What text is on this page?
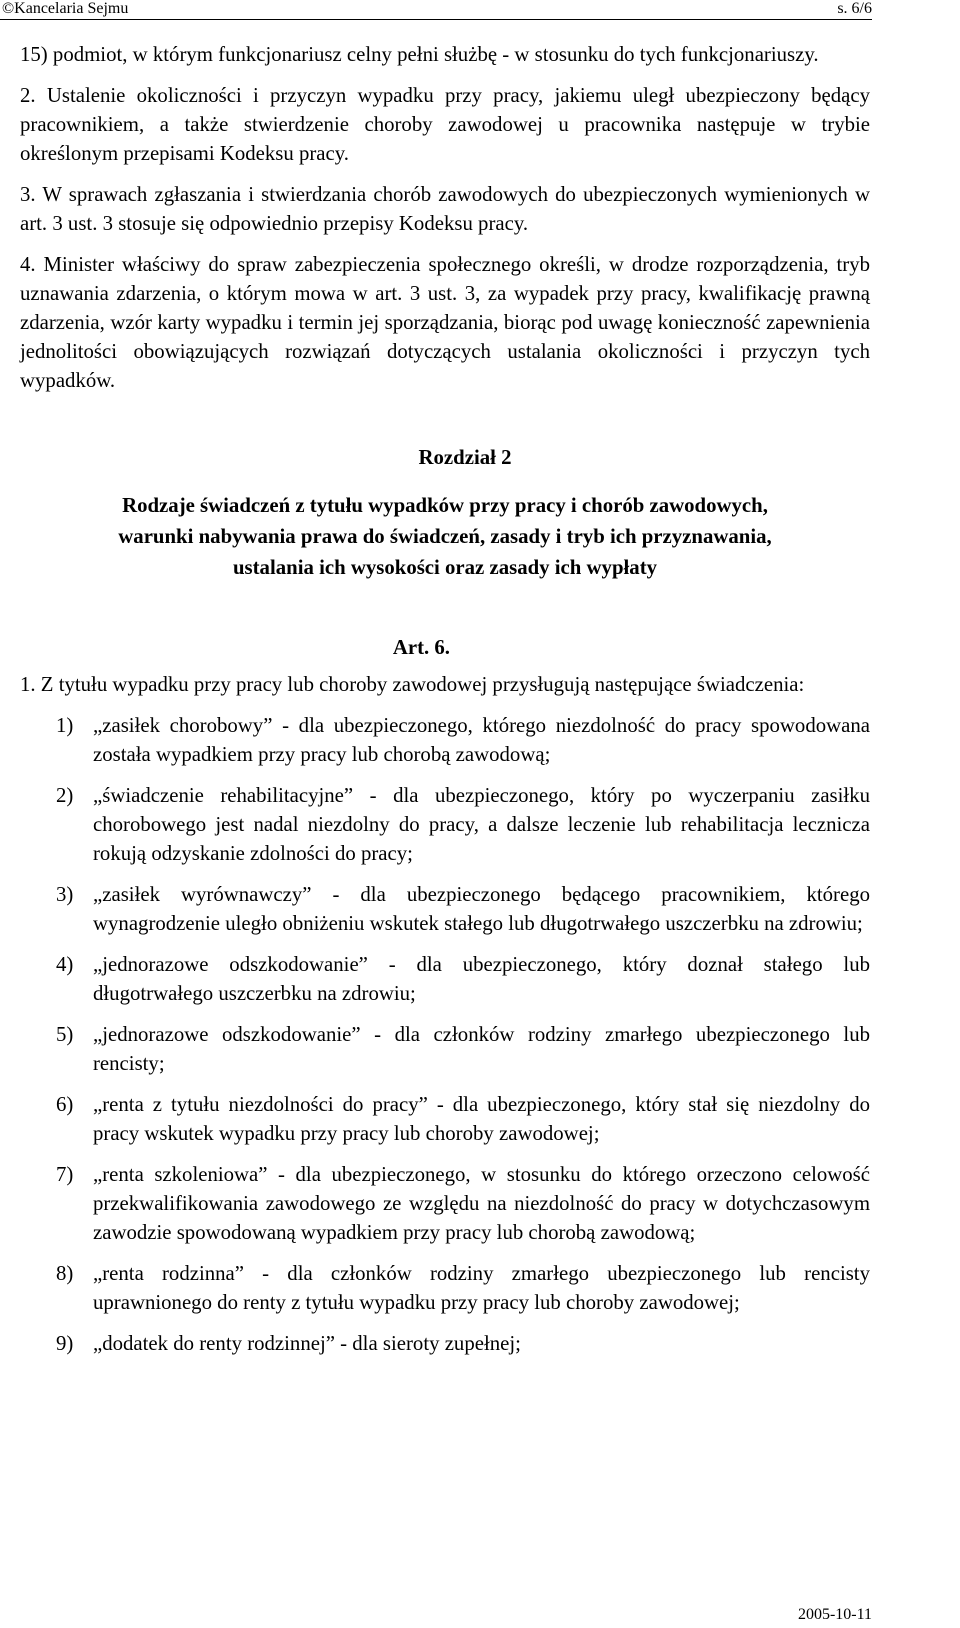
©Kancelaria Sejmu	s. 6/6

15) podmiot, w którym funkcjonariusz celny pełni służbę - w stosunku do tych funkcjonariuszy.

2. Ustalenie okoliczności i przyczyn wypadku przy pracy, jakiemu uległ ubezpieczony będący pracownikiem, a także stwierdzenie choroby zawodowej u pracownika następuje w trybie określonym przepisami Kodeksu pracy.

3. W sprawach zgłaszania i stwierdzania chorób zawodowych do ubezpieczonych wymienionych w art. 3 ust. 3 stosuje się odpowiednio przepisy Kodeksu pracy.

4. Minister właściwy do spraw zabezpieczenia społecznego określi, w drodze rozporządzenia, tryb uznawania zdarzenia, o którym mowa w art. 3 ust. 3, za wypadek przy pracy, kwalifikację prawną zdarzenia, wzór karty wypadku i termin jej sporządzania, biorąc pod uwagę konieczność zapewnienia jednolitości obowiązujących rozwiązań dotyczących ustalania okoliczności i przyczyn tych wypadków.

Rozdział 2

Rodzaje świadczeń z tytułu wypadków przy pracy i chorób zawodowych,

warunki nabywania prawa do świadczeń, zasady i tryb ich przyznawania,

ustalania ich wysokości oraz zasady ich wypłaty

Art. 6.

1. Z tytułu wypadku przy pracy lub choroby zawodowej przysługują następujące świadczenia:

1) „zasiłek chorobowy” - dla ubezpieczonego, którego niezdolność do pracy spowodowana została wypadkiem przy pracy lub chorobą zawodową;
2) „świadczenie rehabilitacyjne” - dla ubezpieczonego, który po wyczerpaniu zasiłku chorobowego jest nadal niezdolny do pracy, a dalsze leczenie lub rehabilitacja lecznicza rokują odzyskanie zdolności do pracy;
3) „zasiłek wyrównawczy” - dla ubezpieczonego będącego pracownikiem, którego wynagrodzenie uległo obniżeniu wskutek stałego lub długotrwałego uszczerbku na zdrowiu;
4) „jednorazowe odszkodowanie” - dla ubezpieczonego, który doznał stałego lub długotrwałego uszczerbku na zdrowiu;
5) „jednorazowe odszkodowanie” - dla członków rodziny zmarłego ubezpieczonego lub rencisty;
6) „renta z tytułu niezdolności do pracy” - dla ubezpieczonego, który stał się niezdolny do pracy wskutek wypadku przy pracy lub choroby zawodowej;
7) „renta szkoleniowa” - dla ubezpieczonego, w stosunku do którego orzeczono celowość przekwalifikowania zawodowego ze względu na niezdolność do pracy w dotychczasowym zawodzie spowodowaną wypadkiem przy pracy lub chorobą zawodową;
8) „renta rodzinna” - dla członków rodziny zmarłego ubezpieczonego lub rencisty uprawnionego do renty z tytułu wypadku przy pracy lub choroby zawodowej;
9) „dodatek do renty rodzinnej” - dla sieroty zupełnej;
2005-10-11
